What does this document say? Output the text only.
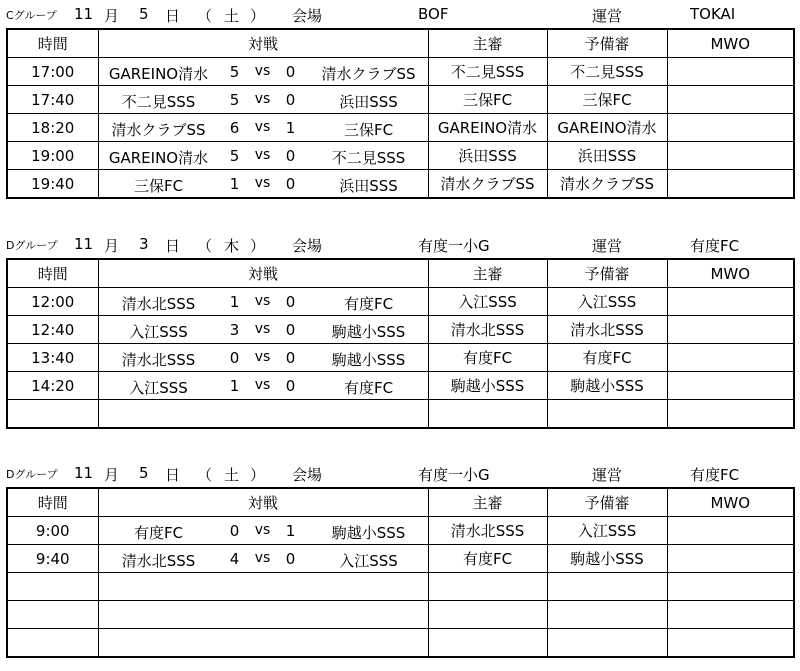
Cグループ 11 月 5 日 （ 土 ） 会場	BOF	運営	TOKAI
時間	対戦	主審	予備審	MWO
17:00	GAREINO清水 5 vs 0 清水クラブSS	不二見SSS	不二見SSS	
17:40	不二見SSS 5 vs 0 浜田SSS	三保FC	三保FC	
18:20	清水クラブSS 6 vs 1 三保FC	GAREINO清水	GAREINO清水	
19:00	GAREINO清水 5 vs 0 不二見SSS	浜田SSS	浜田SSS	
19:40	三保FC 1 vs 0 浜田SSS	清水クラブSS	清水クラブSS	
Dグループ 11 月 3 日 （ 木 ） 会場	有度一小G	運営	有度FC
時間	対戦	主審	予備審	MWO
12:00	清水北SSS 1 vs 0 有度FC	入江SSS	入江SSS	
12:40	入江SSS 3 vs 0 駒越小SSS	清水北SSS	清水北SSS	
13:40	清水北SSS 0 vs 0 駒越小SSS	有度FC	有度FC	
14:20	入江SSS 1 vs 0 有度FC	駒越小SSS	駒越小SSS	

Dグループ 11 月 5 日 （ 土 ） 会場	有度一小G	運営	有度FC
時間	対戦	主審	予備審	MWO
9:00	有度FC 0 vs 1 駒越小SSS	清水北SSS	入江SSS	
9:40	清水北SSS 4 vs 0 入江SSS	有度FC	駒越小SSS	
